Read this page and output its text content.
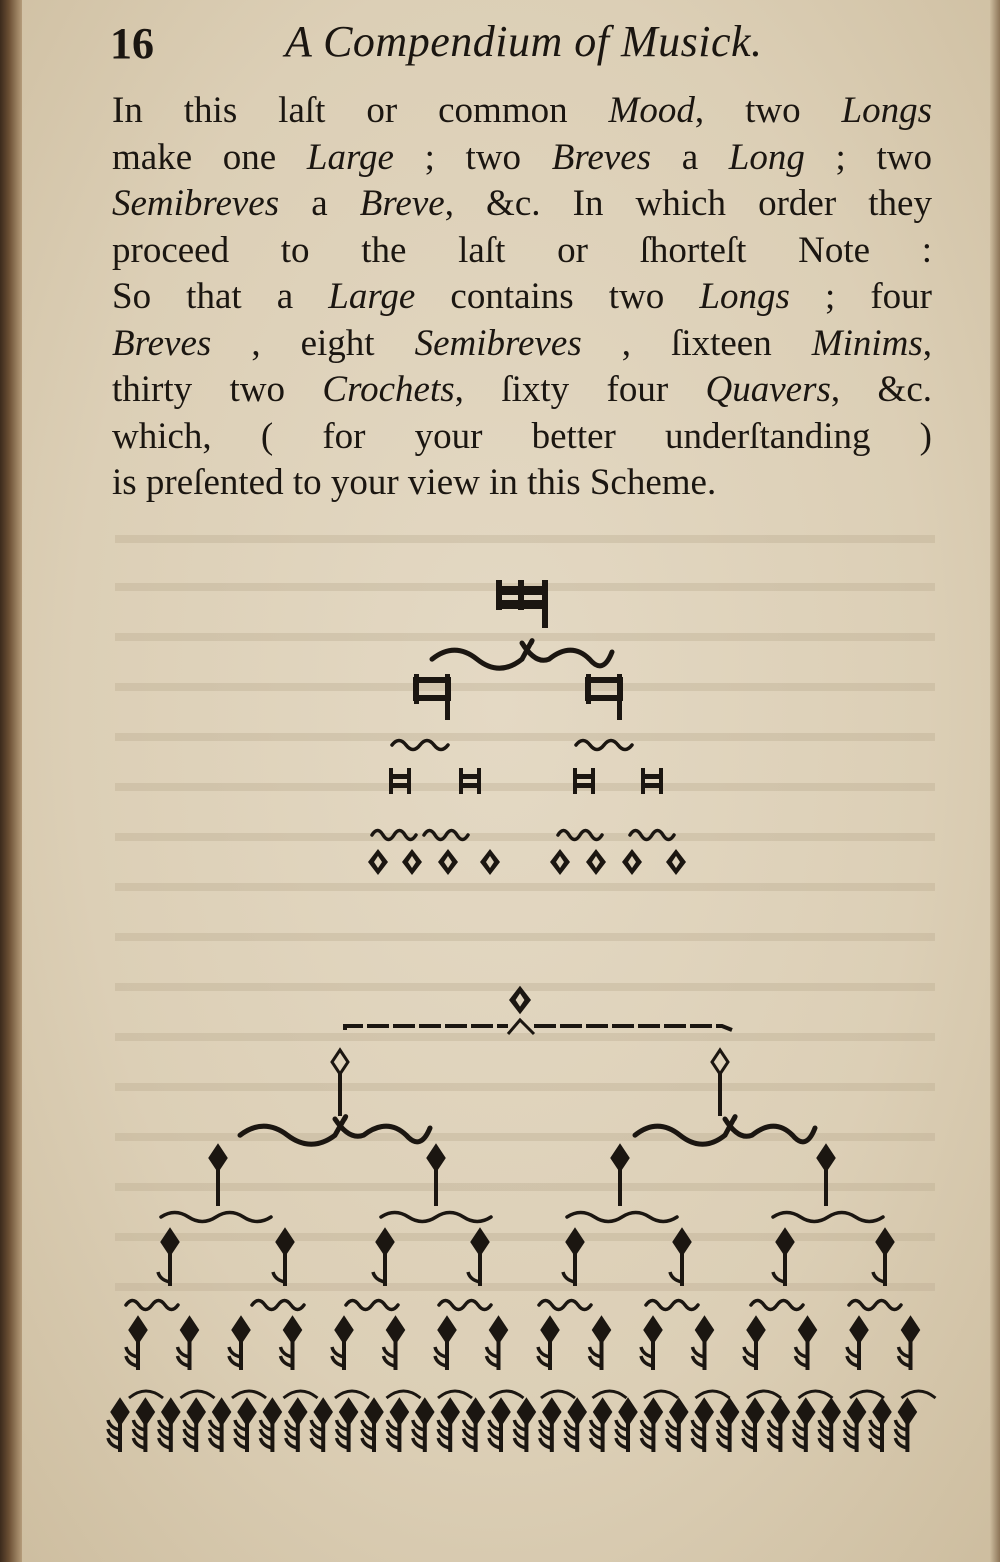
16	A Compendium of Musick.
In this laſt or common Mood, two Longs
make one Large ; two Breves a Long ; two
Semibreves a Breve, &c. In which order they
proceed to the laſt or ſhorteſt Note :
So that a Large contains two Longs ; four
Breves , eight Semibreves , ſixteen Minims,
thirty two Crochets, ſixty four Quavers, &c.
which, ( for your better underſtanding )
is preſented to your view in this Scheme.
